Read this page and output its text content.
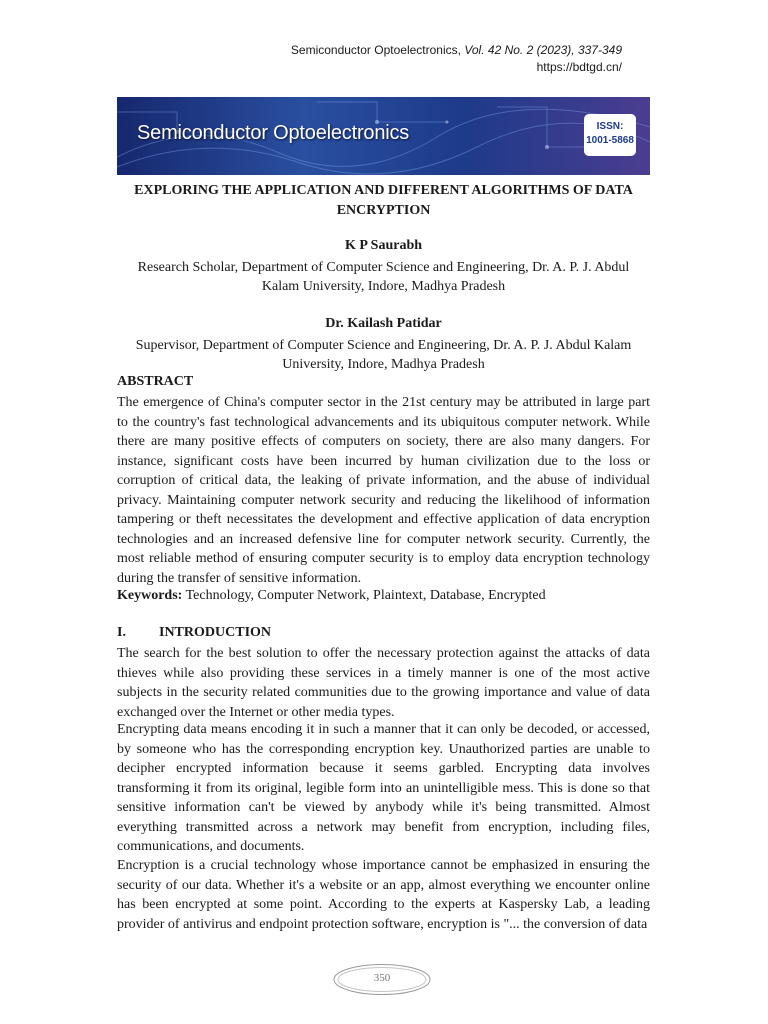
Semiconductor Optoelectronics, Vol. 42 No. 2 (2023), 337-349
https://bdtgd.cn/
Semiconductor Optoelectronics	ISSN:
1001-5868
EXPLORING THE APPLICATION AND DIFFERENT ALGORITHMS OF DATA
ENCRYPTION
K P Saurabh
Research Scholar, Department of Computer Science and Engineering, Dr. A. P. J. Abdul
Kalam University, Indore, Madhya Pradesh
Dr. Kailash Patidar
Supervisor, Department of Computer Science and Engineering, Dr. A. P. J. Abdul Kalam
University, Indore, Madhya Pradesh
ABSTRACT

The emergence of China's computer sector in the 21st century may be attributed in large part to the country's fast technological advancements and its ubiquitous computer network. While there are many positive effects of computers on society, there are also many dangers. For instance, significant costs have been incurred by human civilization due to the loss or corruption of critical data, the leaking of private information, and the abuse of individual privacy. Maintaining computer network security and reducing the likelihood of information tampering or theft necessitates the development and effective application of data encryption technologies and an increased defensive line for computer network security. Currently, the most reliable method of ensuring computer security is to employ data encryption technology during the transfer of sensitive information.

Keywords: Technology, Computer Network, Plaintext, Database, Encrypted
I. INTRODUCTION

The search for the best solution to offer the necessary protection against the attacks of data thieves while also providing these services in a timely manner is one of the most active subjects in the security related communities due to the growing importance and value of data exchanged over the Internet or other media types.

Encrypting data means encoding it in such a manner that it can only be decoded, or accessed, by someone who has the corresponding encryption key. Unauthorized parties are unable to decipher encrypted information because it seems garbled. Encrypting data involves transforming it from its original, legible form into an unintelligible mess. This is done so that sensitive information can't be viewed by anybody while it's being transmitted. Almost everything transmitted across a network may benefit from encryption, including files, communications, and documents.

Encryption is a crucial technology whose importance cannot be emphasized in ensuring the security of our data. Whether it's a website or an app, almost everything we encounter online has been encrypted at some point. According to the experts at Kaspersky Lab, a leading provider of antivirus and endpoint protection software, encryption is "... the conversion of data

350
